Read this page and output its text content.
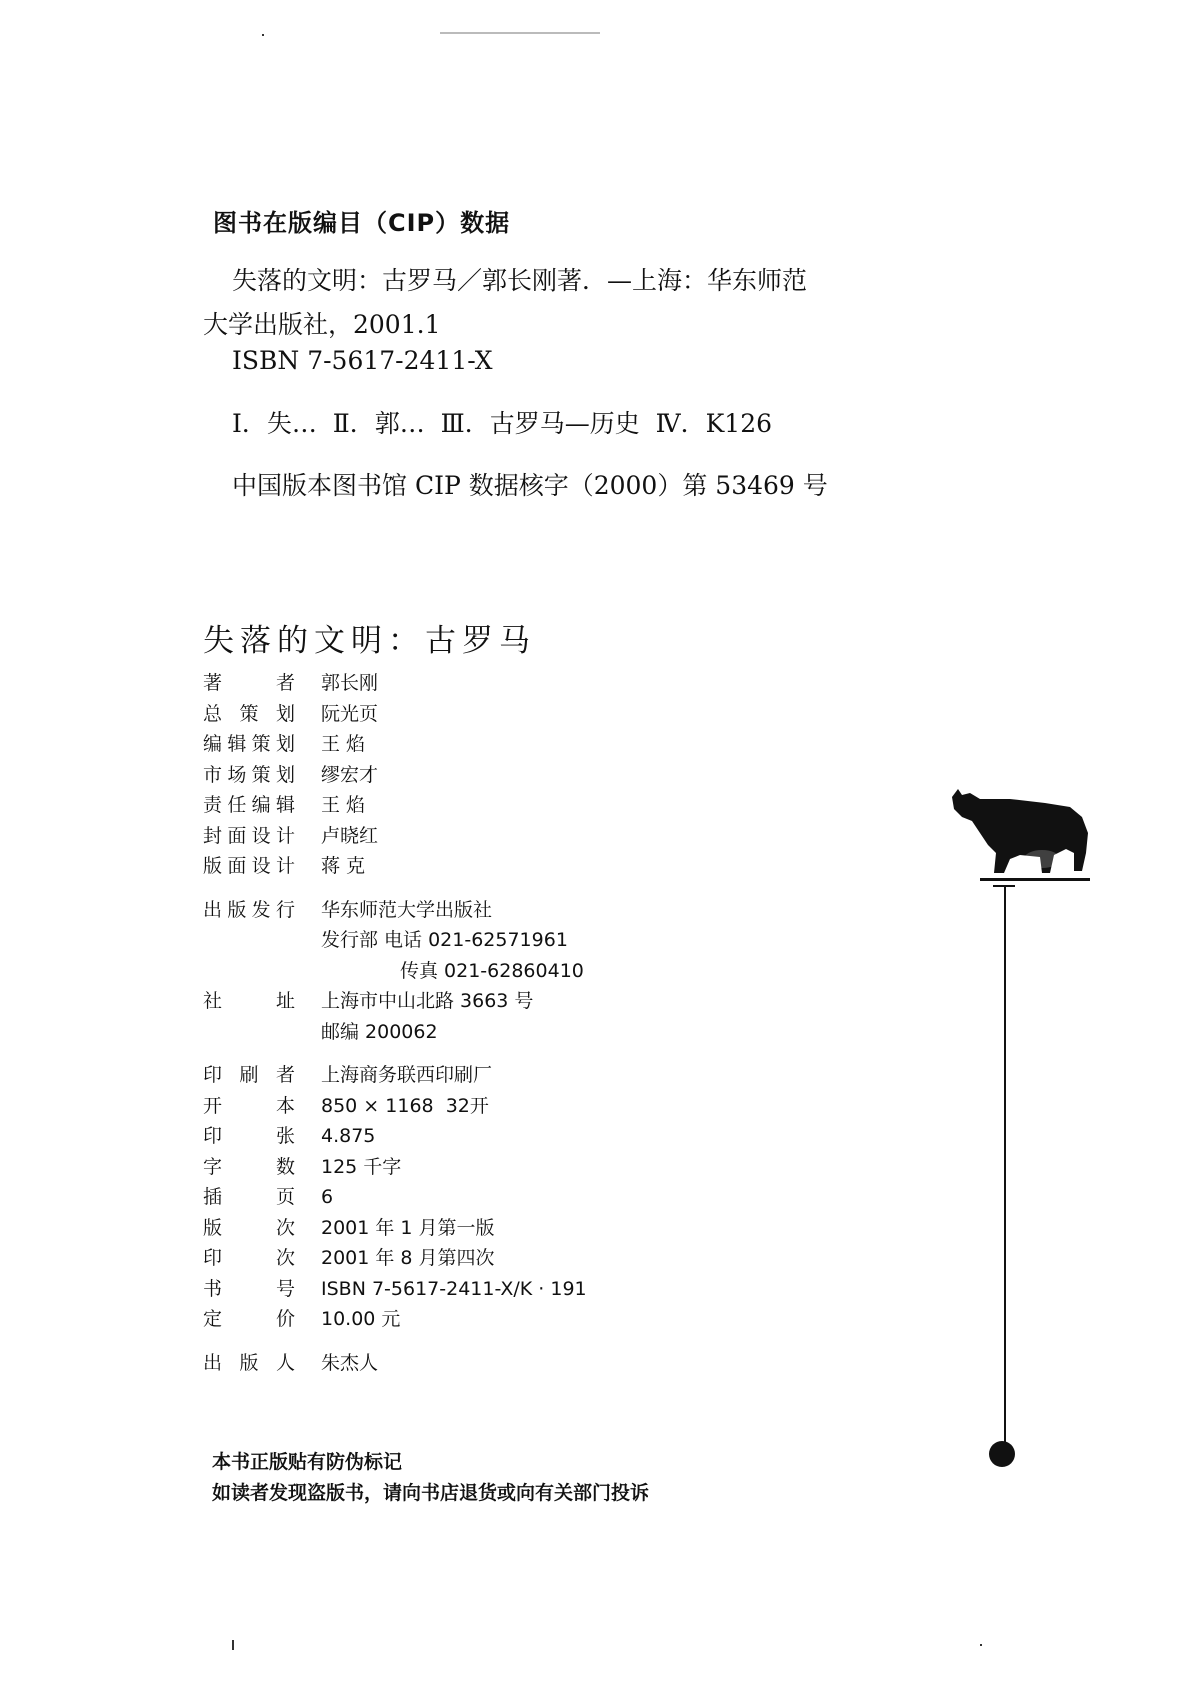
图书在版编目（CIP）数据
失落的文明：古罗马／郭长刚著．—上海：华东师范
大学出版社，2001.1
ISBN 7-5617-2411-X
Ⅰ．失…  Ⅱ．郭…  Ⅲ．古罗马—历史  Ⅳ．K126
中国版本图书馆 CIP 数据核字（2000）第 53469 号
失落的文明：古罗马
著者 郭长刚
总策划 阮光页
编辑策划 王 焰
市场策划 缪宏才
责任编辑 王 焰
封面设计 卢晓红
版面设计 蒋 克
出版发行 华东师范大学出版社
发行部 电话 021-62571961
传真 021-62860410
社址 上海市中山北路 3663 号
邮编 200062
印刷者 上海商务联西印刷厂
开本 850 × 1168  32开
印张 4.875
字数 125 千字
插页 6
版次 2001 年 1 月第一版
印次 2001 年 8 月第四次
书号 ISBN 7-5617-2411-X/K · 191
定价 10.00 元
出版人 朱杰人
本书正版贴有防伪标记
如读者发现盗版书，请向书店退货或向有关部门投诉
